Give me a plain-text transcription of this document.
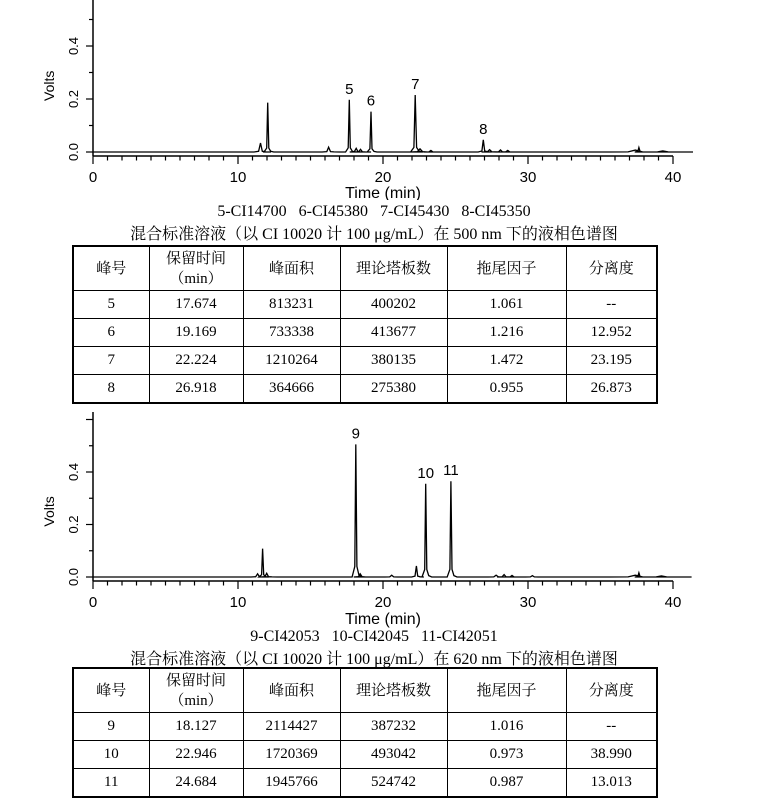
0.0
0.2
0.4
0	10	20	30	40
Time (min)
Volts	5
6
7
8
5-CI14700   6-CI45380   7-CI45430   8-CI45350
混合标准溶液（以 CI 10020 计 100 μg/mL）在 500 nm 下的液相色谱图
峰号	保留时间
（min）	峰面积	理论塔板数	拖尾因子	分离度
5	17.674	813231	400202	1.061	--
6	19.169	733338	413677	1.216	12.952
7	22.224	1210264	380135	1.472	23.195
8	26.918	364666	275380	0.955	26.873
0.0
0.2
0.4
0	10	20	30	40
Time (min)
Volts
9
10 11
9-CI42053   10-CI42045   11-CI42051
混合标准溶液（以 CI 10020 计 100 μg/mL）在 620 nm 下的液相色谱图
峰号	保留时间
（min）	峰面积	理论塔板数	拖尾因子	分离度
9	18.127	2114427	387232	1.016	--
10	22.946	1720369	493042	0.973	38.990
11	24.684	1945766	524742	0.987	13.013
